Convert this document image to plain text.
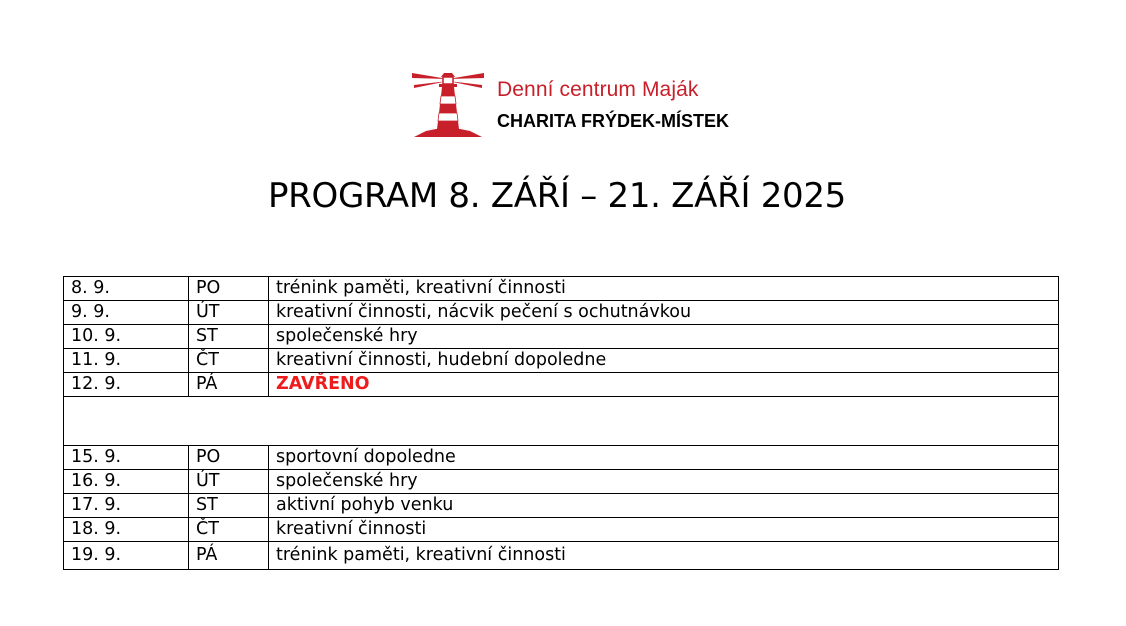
Denní centrum Maják
CHARITA FRÝDEK-MÍSTEK
PROGRAM 8. ZÁŘÍ – 21. ZÁŘÍ 2025
8. 9.	PO	trénink paměti, kreativní činnosti
9. 9.	ÚT	kreativní činnosti, nácvik pečení s ochutnávkou
10. 9.	ST	společenské hry
11. 9.	ČT	kreativní činnosti, hudební dopoledne
12. 9.	PÁ	ZAVŘENO

15. 9.	PO	sportovní dopoledne
16. 9.	ÚT	společenské hry
17. 9.	ST	aktivní pohyb venku
18. 9.	ČT	kreativní činnosti
19. 9.	PÁ	trénink paměti, kreativní činnosti
